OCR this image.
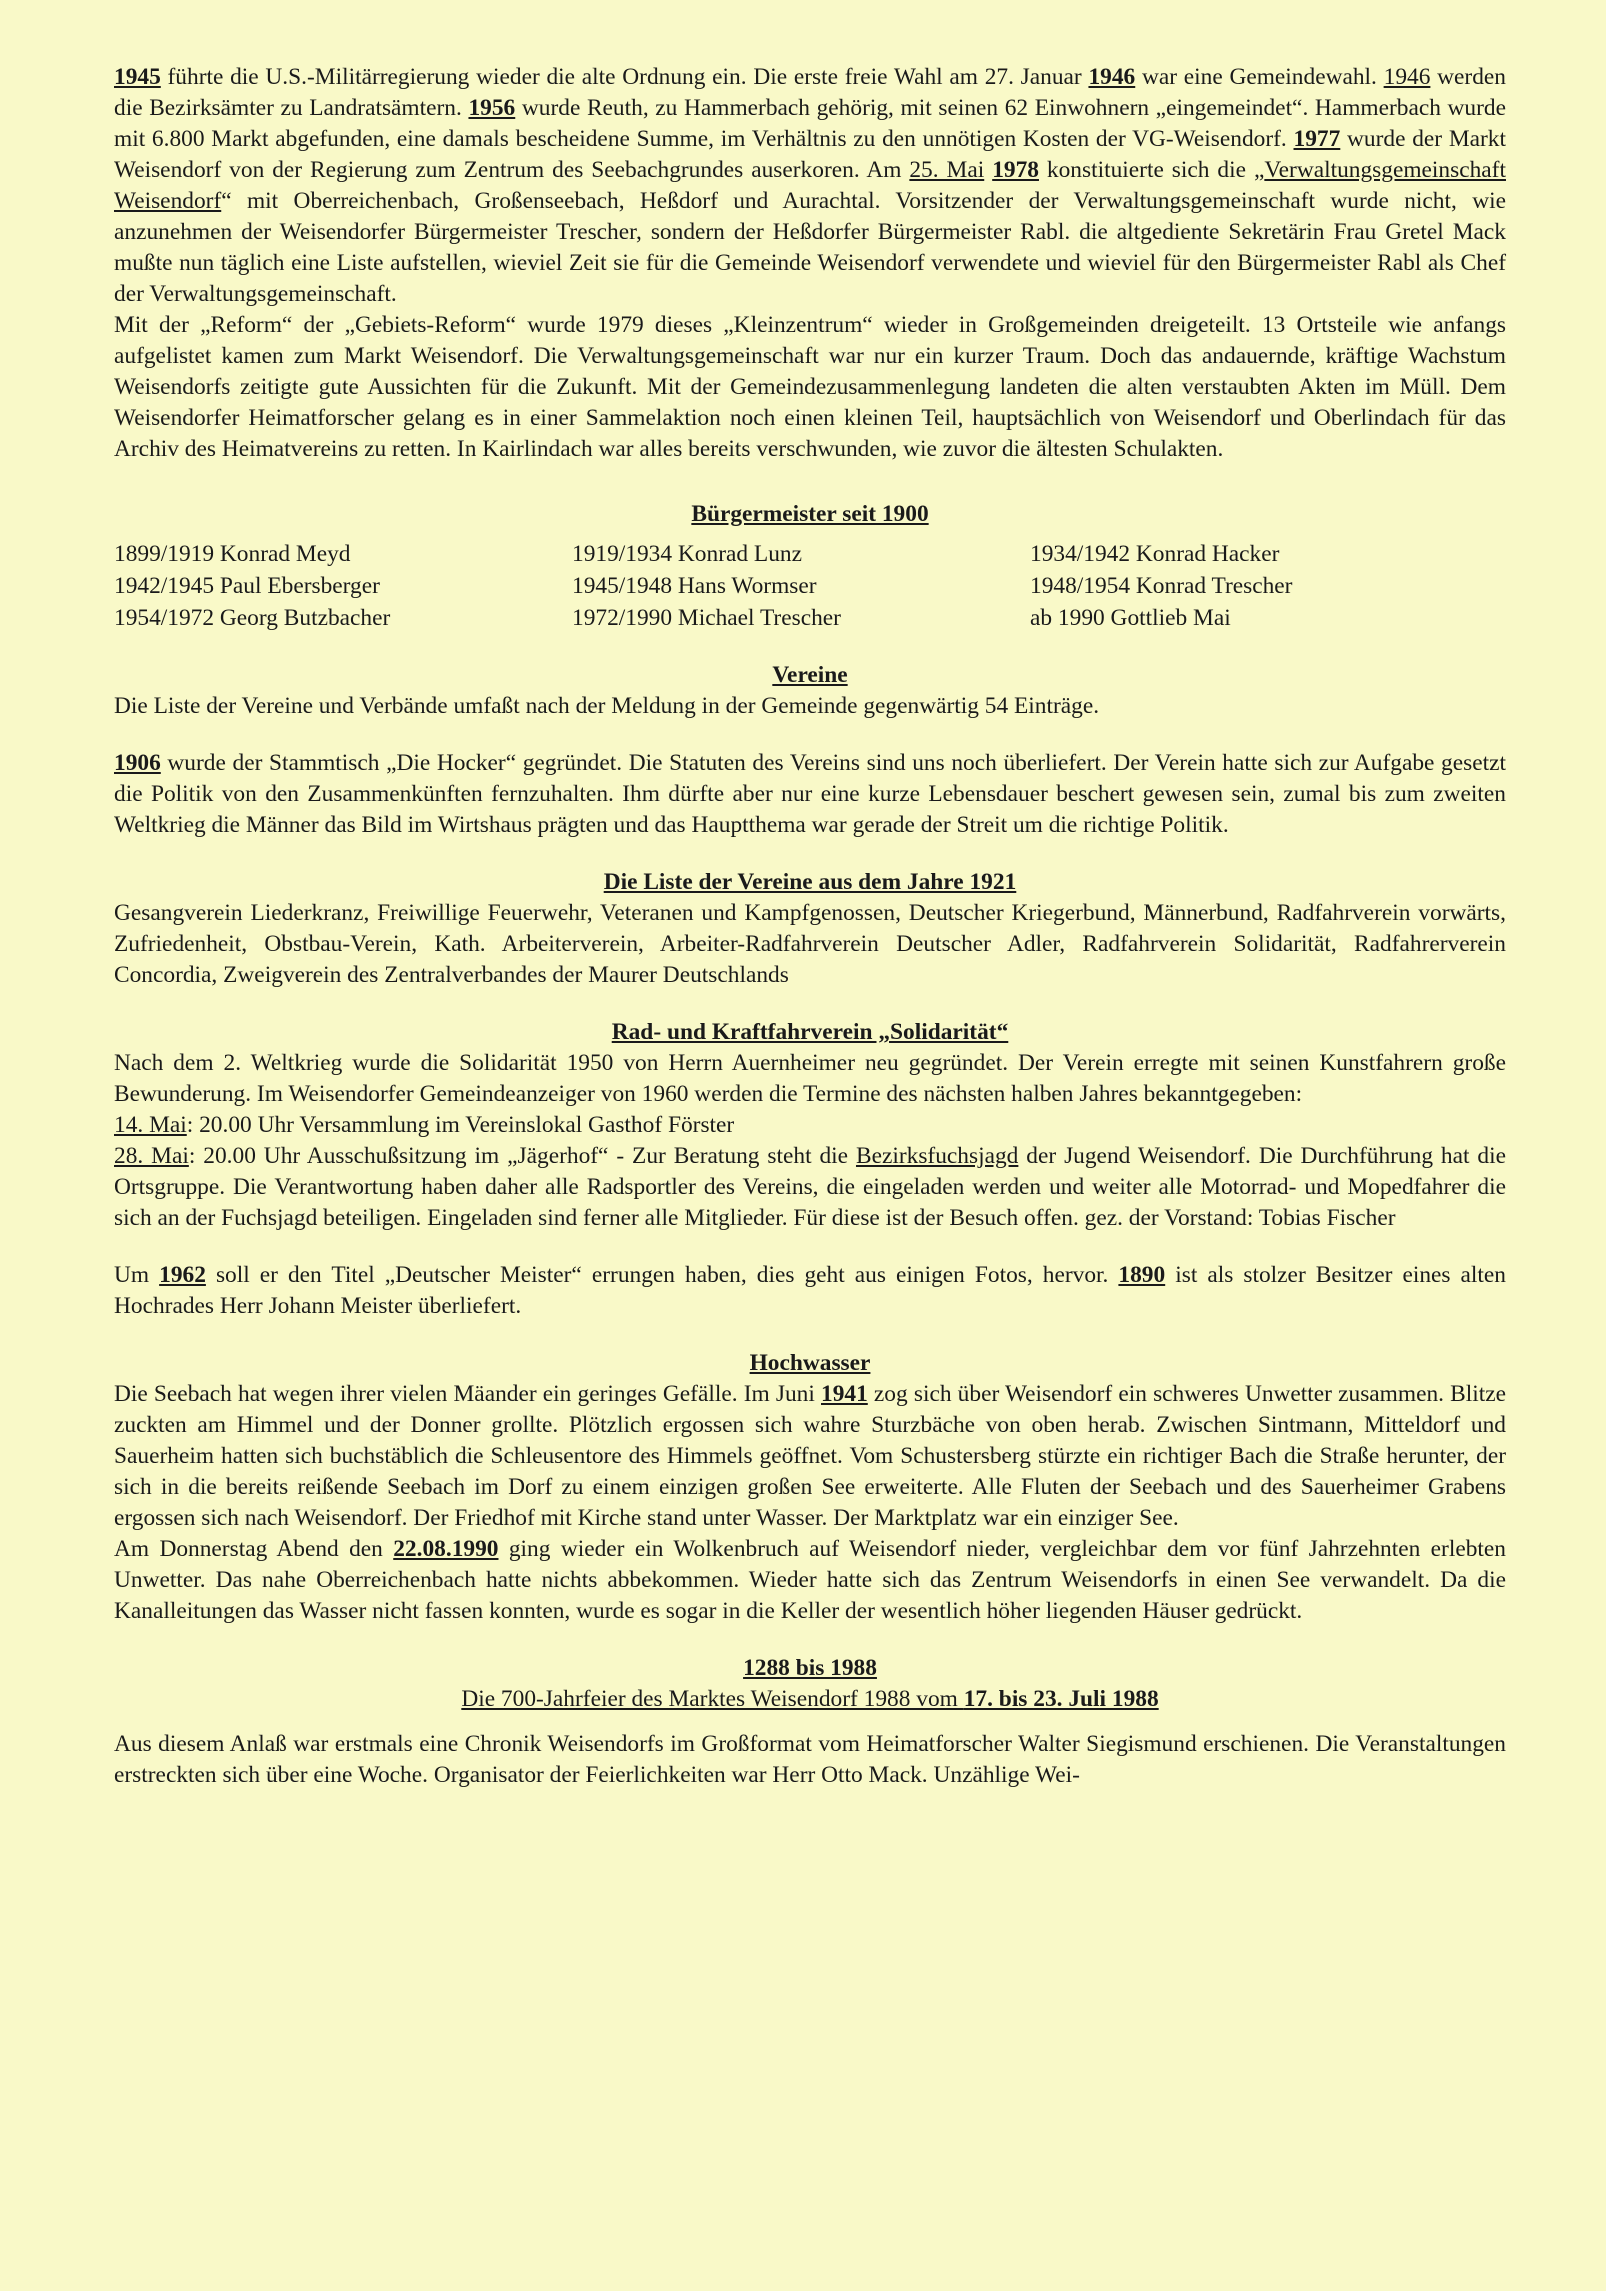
1945 führte die U.S.-Militärregierung wieder die alte Ordnung ein. Die erste freie Wahl am 27. Januar 1946 war eine Gemeindewahl. 1946 werden die Bezirksämter zu Landratsämtern. 1956 wurde Reuth, zu Hammerbach gehörig, mit seinen 62 Einwohnern „eingemeindet“. Hammerbach wurde mit 6.800 Markt abgefunden, eine damals bescheidene Summe, im Verhältnis zu den unnötigen Kosten der VG-Weisendorf. 1977 wurde der Markt Weisendorf von der Regierung zum Zentrum des Seebachgrundes auserkoren. Am 25. Mai 1978 konstituierte sich die „Verwaltungsgemeinschaft Weisendorf“ mit Oberreichenbach, Großenseebach, Heßdorf und Aurachtal. Vorsitzender der Verwaltungsgemeinschaft wurde nicht, wie anzunehmen der Weisendorfer Bürgermeister Trescher, sondern der Heßdorfer Bürgermeister Rabl. die altgediente Sekretärin Frau Gretel Mack mußte nun täglich eine Liste aufstellen, wieviel Zeit sie für die Gemeinde Weisendorf verwendete und wieviel für den Bürgermeister Rabl als Chef der Verwaltungsgemeinschaft.

Mit der „Reform“ der „Gebiets-Reform“ wurde 1979 dieses „Kleinzentrum“ wieder in Großgemeinden dreigeteilt. 13 Ortsteile wie anfangs aufgelistet kamen zum Markt Weisendorf. Die Verwaltungsgemeinschaft war nur ein kurzer Traum. Doch das andauernde, kräftige Wachstum Weisendorfs zeitigte gute Aussichten für die Zukunft. Mit der Gemeindezusammenlegung landeten die alten verstaubten Akten im Müll. Dem Weisendorfer Heimatforscher gelang es in einer Sammelaktion noch einen kleinen Teil, hauptsächlich von Weisendorf und Oberlindach für das Archiv des Heimatvereins zu retten. In Kairlindach war alles bereits verschwunden, wie zuvor die ältesten Schulakten.

Bürgermeister seit 1900
1899/1919 Konrad Meyd	1919/1934 Konrad Lunz	1934/1942 Konrad Hacker
1942/1945 Paul Ebersberger	1945/1948 Hans Wormser	1948/1954 Konrad Trescher
1954/1972 Georg Butzbacher	1972/1990 Michael Trescher	ab 1990 Gottlieb Mai
Vereine

Die Liste der Vereine und Verbände umfaßt nach der Meldung in der Gemeinde gegenwärtig 54 Einträge.

1906 wurde der Stammtisch „Die Hocker“ gegründet. Die Statuten des Vereins sind uns noch überliefert. Der Verein hatte sich zur Aufgabe gesetzt die Politik von den Zusammenkünften fernzuhalten. Ihm dürfte aber nur eine kurze Lebensdauer beschert gewesen sein, zumal bis zum zweiten Weltkrieg die Männer das Bild im Wirtshaus prägten und das Hauptthema war gerade der Streit um die richtige Politik.

Die Liste der Vereine aus dem Jahre 1921

Gesangverein Liederkranz, Freiwillige Feuerwehr, Veteranen und Kampfgenossen, Deutscher Kriegerbund, Männerbund, Radfahrverein vorwärts, Zufriedenheit, Obstbau-Verein, Kath. Arbeiterverein, Arbeiter-Radfahrverein Deutscher Adler, Radfahrverein Solidarität, Radfahrerverein Concordia, Zweigverein des Zentralverbandes der Maurer Deutschlands

Rad- und Kraftfahrverein „Solidarität“

Nach dem 2. Weltkrieg wurde die Solidarität 1950 von Herrn Auernheimer neu gegründet. Der Verein erregte mit seinen Kunstfahrern große Bewunderung. Im Weisendorfer Gemeindeanzeiger von 1960 werden die Termine des nächsten halben Jahres bekanntgegeben:

14. Mai: 20.00 Uhr Versammlung im Vereinslokal Gasthof Förster

28. Mai: 20.00 Uhr Ausschußsitzung im „Jägerhof“ - Zur Beratung steht die Bezirksfuchsjagd der Jugend Weisendorf. Die Durchführung hat die Ortsgruppe. Die Verantwortung haben daher alle Radsportler des Vereins, die eingeladen werden und weiter alle Motorrad- und Mopedfahrer die sich an der Fuchsjagd beteiligen. Eingeladen sind ferner alle Mitglieder. Für diese ist der Besuch offen. gez. der Vorstand: Tobias Fischer

Um 1962 soll er den Titel „Deutscher Meister“ errungen haben, dies geht aus einigen Fotos, hervor. 1890 ist als stolzer Besitzer eines alten Hochrades Herr Johann Meister überliefert.

Hochwasser

Die Seebach hat wegen ihrer vielen Mäander ein geringes Gefälle. Im Juni 1941 zog sich über Weisendorf ein schweres Unwetter zusammen. Blitze zuckten am Himmel und der Donner grollte. Plötzlich ergossen sich wahre Sturzbäche von oben herab. Zwischen Sintmann, Mitteldorf und Sauerheim hatten sich buchstäblich die Schleusentore des Himmels geöffnet. Vom Schustersberg stürzte ein richtiger Bach die Straße herunter, der sich in die bereits reißende Seebach im Dorf zu einem einzigen großen See erweiterte. Alle Fluten der Seebach und des Sauerheimer Grabens ergossen sich nach Weisendorf. Der Friedhof mit Kirche stand unter Wasser. Der Marktplatz war ein einziger See.

Am Donnerstag Abend den 22.08.1990 ging wieder ein Wolkenbruch auf Weisendorf nieder, vergleichbar dem vor fünf Jahrzehnten erlebten Unwetter. Das nahe Oberreichenbach hatte nichts abbekommen. Wieder hatte sich das Zentrum Weisendorfs in einen See verwandelt. Da die Kanalleitungen das Wasser nicht fassen konnten, wurde es sogar in die Keller der wesentlich höher liegenden Häuser gedrückt.

1288 bis 1988
Die 700-Jahrfeier des Marktes Weisendorf 1988 vom 17. bis 23. Juli 1988

Aus diesem Anlaß war erstmals eine Chronik Weisendorfs im Großformat vom Heimatforscher Walter Siegismund erschienen. Die Veranstaltungen erstreckten sich über eine Woche. Organisator der Feierlichkeiten war Herr Otto Mack. Unzählige Wei-
